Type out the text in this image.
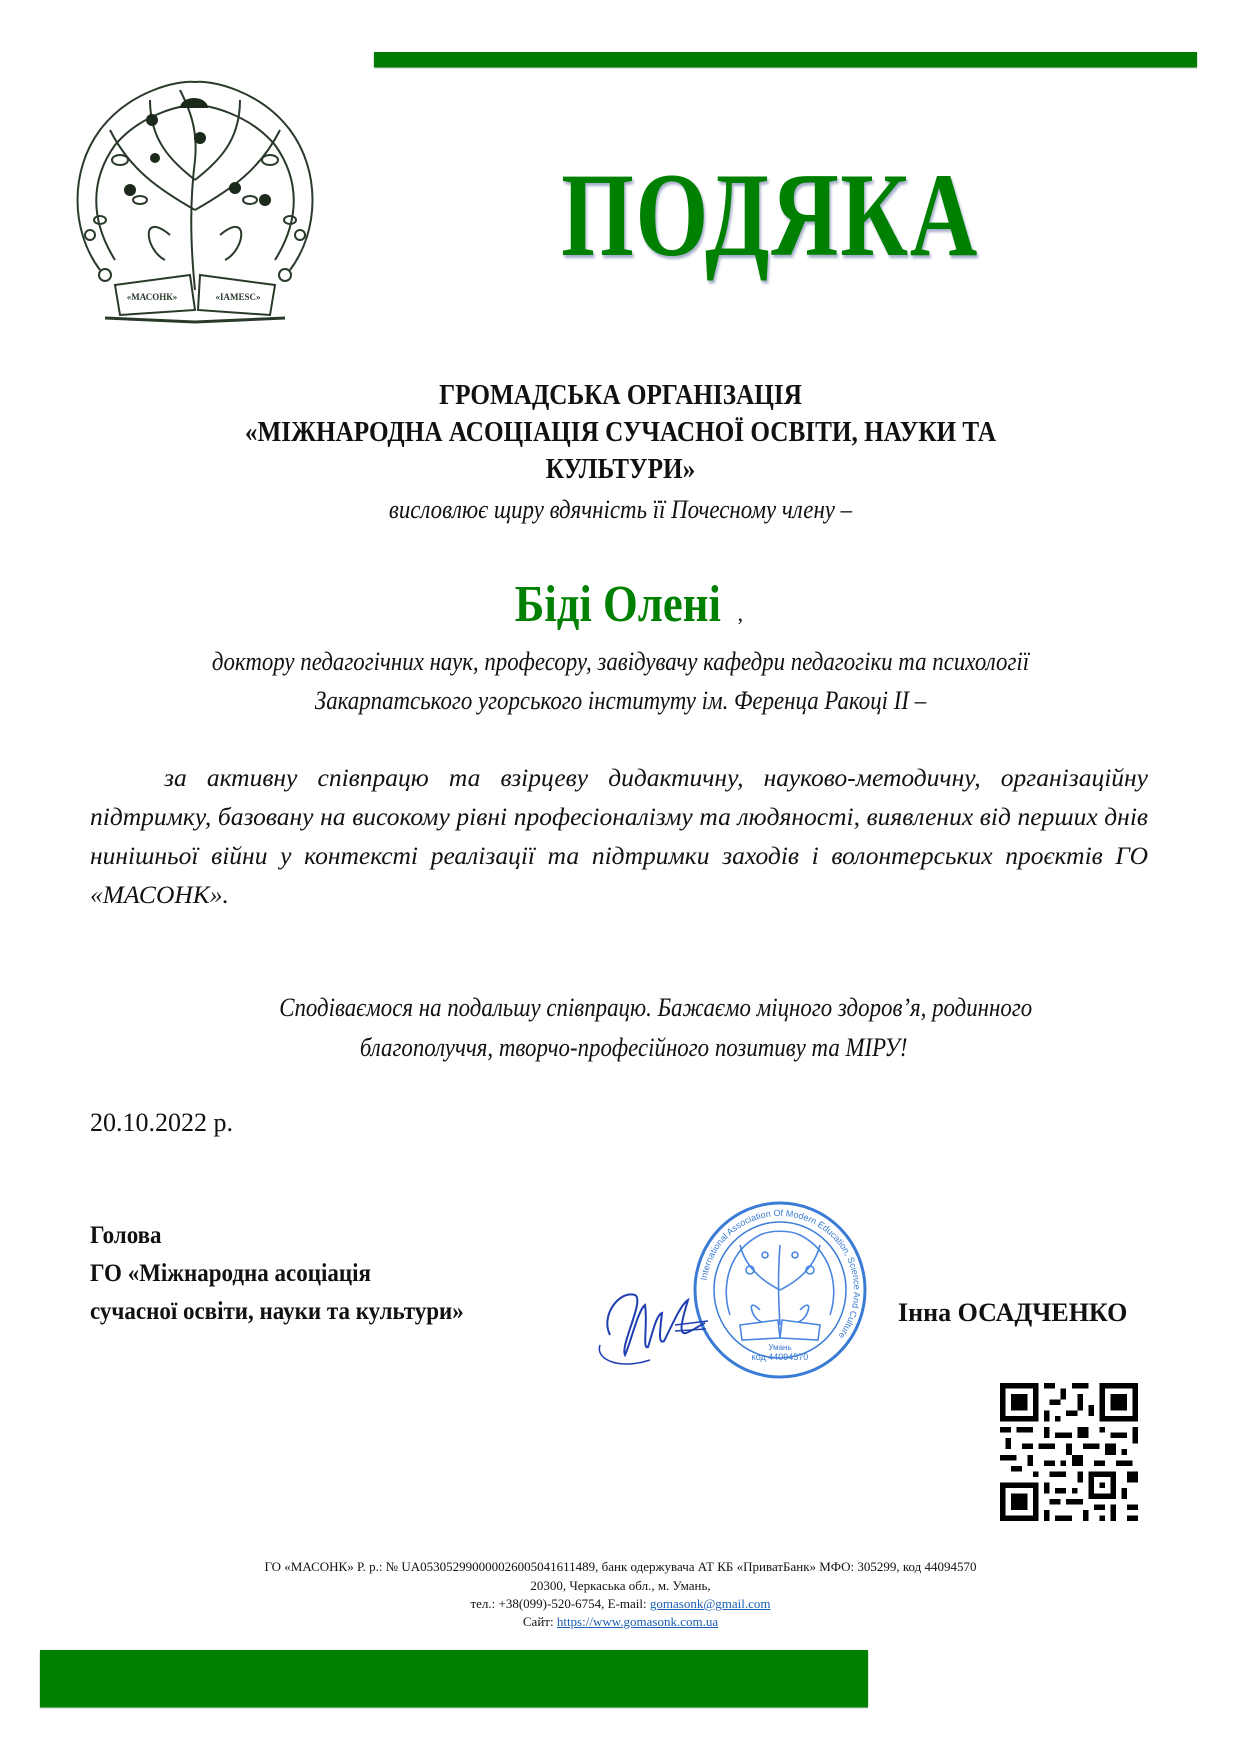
«МАСОНК»	«IAMESC»
ПОДЯКА
ГРОМАДСЬКА ОРГАНІЗАЦІЯ
«МІЖНАРОДНА АСОЦІАЦІЯ СУЧАСНОЇ ОСВІТИ, НАУКИ ТА
КУЛЬТУРИ»
висловлює щиру вдячність її Почесному члену –
Біді Олені ,
доктору педагогічних наук, професору, завідувачу кафедри педагогіки та психології
Закарпатського угорського інституту ім. Ференца Ракоці ІІ –
за активну співпрацю та взірцеву дидактичну, науково-методичну, організаційну підтримку, базовану на високому рівні професіоналізму та людяності, виявлених від перших днів нинішньої війни у контексті реалізації та підтримки заходів і волонтерських проєктів ГО «МАСОНК».
Сподіваємося на подальшу співпрацю. Бажаємо міцного здоров’я, родинного
благополуччя, творчо-професійного позитиву та МІРУ!
20.10.2022 р.
Голова
ГО «Міжнародна асоціація
сучасної освіти, науки та культури»
International Association Of Modern Education, Science And Culture
Умань
код 44094570
Інна ОСАДЧЕНКО
ГО «МАСОНК» Р. р.: № UA053052990000026005041611489, банк одержувача АТ КБ «ПриватБанк» МФО: 305299, код 44094570
20300, Черкаська обл., м. Умань,
тел.: +38(099)-520-6754, E-mail: gomasonk@gmail.com
Сайт: https://www.gomasonk.com.ua
